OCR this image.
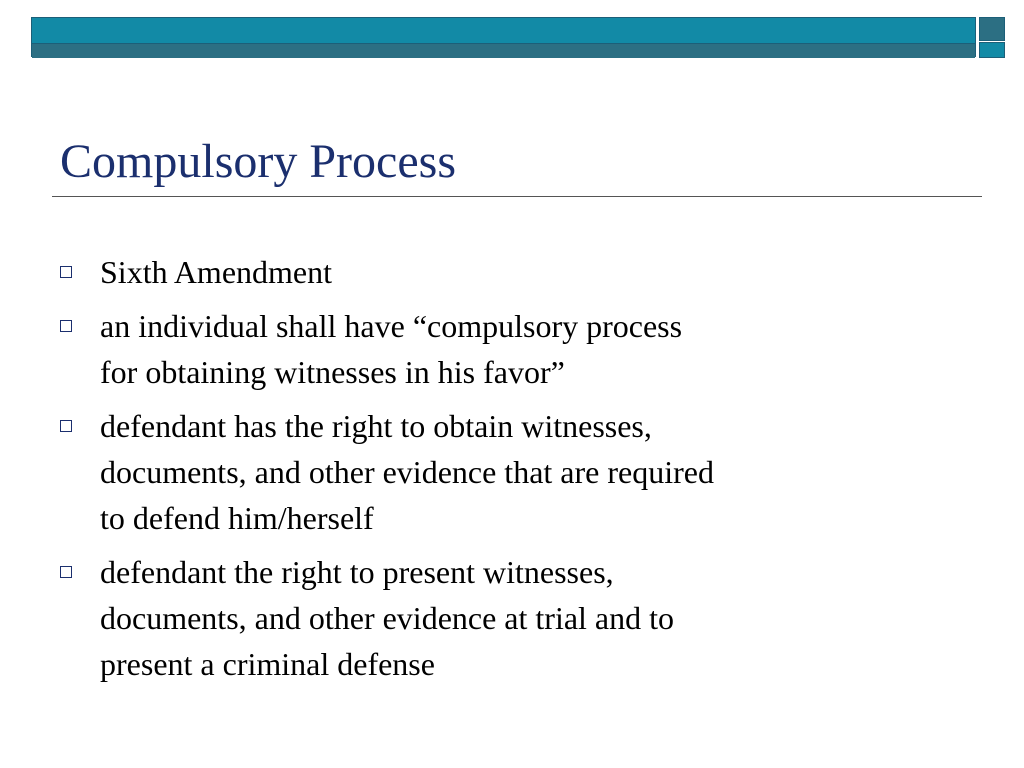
Compulsory Process
Sixth Amendment
an individual shall have “compulsory process
for obtaining witnesses in his favor”
defendant has the right to obtain witnesses,
documents, and other evidence that are required
to defend him/herself
defendant the right to present witnesses,
documents, and other evidence at trial and to
present a criminal defense
